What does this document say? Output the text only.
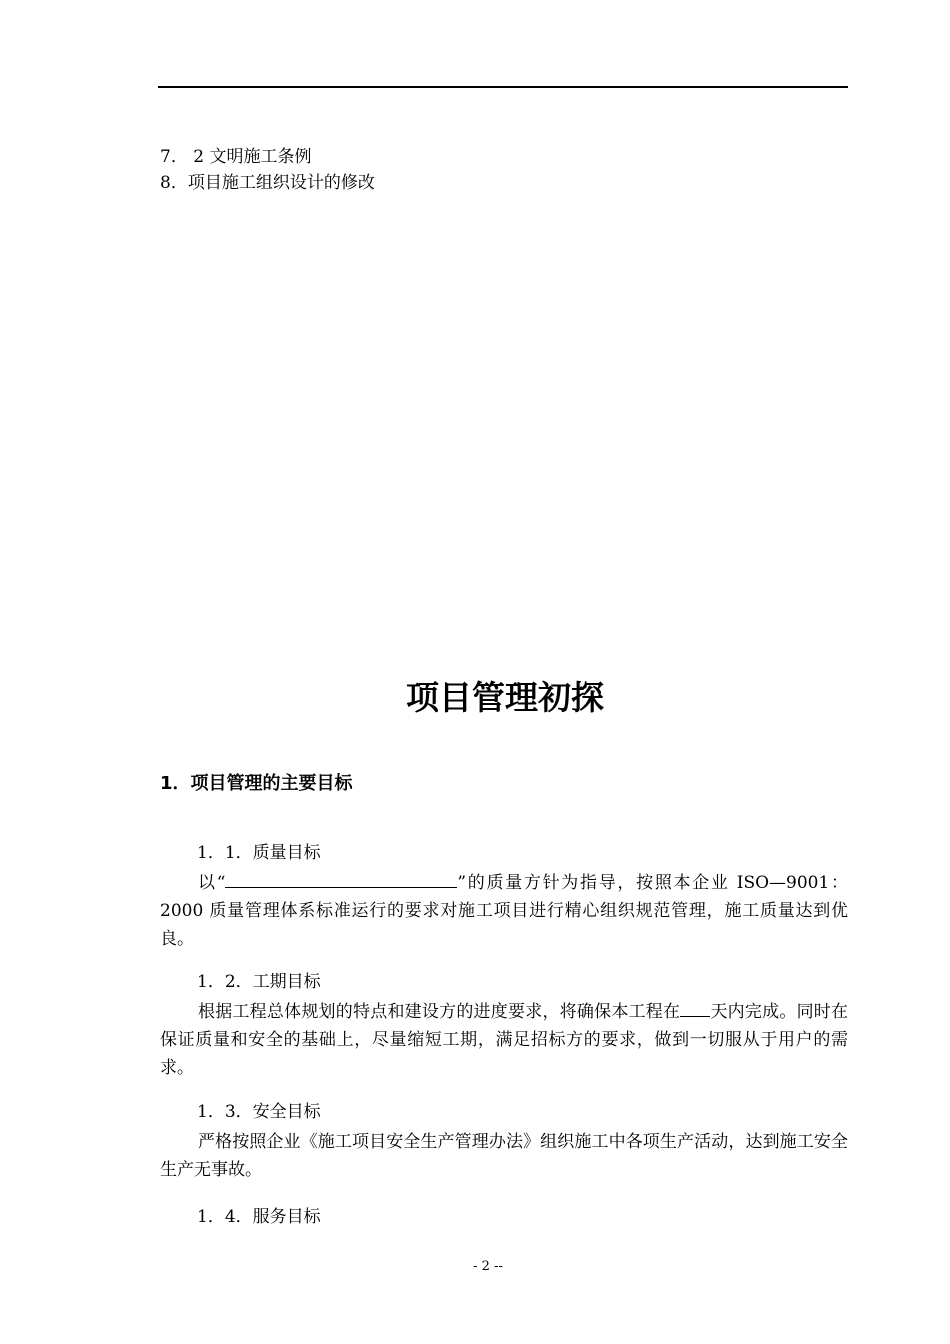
7． 2 文明施工条例
8．项目施工组织设计的修改
项目管理初探
1．项目管理的主要目标
1．1．质量目标
以“	”的质量方针为指导，按照本企业 ISO—9001：2000 质量管理体系标准运行的要求对施工项目进行精心组织规范管理，施工质量达到优良。
1．2．工期目标
根据工程总体规划的特点和建设方的进度要求，将确保本工程在 天内完成。同时在保证质量和安全的基础上，尽量缩短工期，满足招标方的要求，做到一切服从于用户的需求。
1．3．安全目标
严格按照企业《施工项目安全生产管理办法》组织施工中各项生产活动，达到施工安全生产无事故。
1．4．服务目标
- 2 --
